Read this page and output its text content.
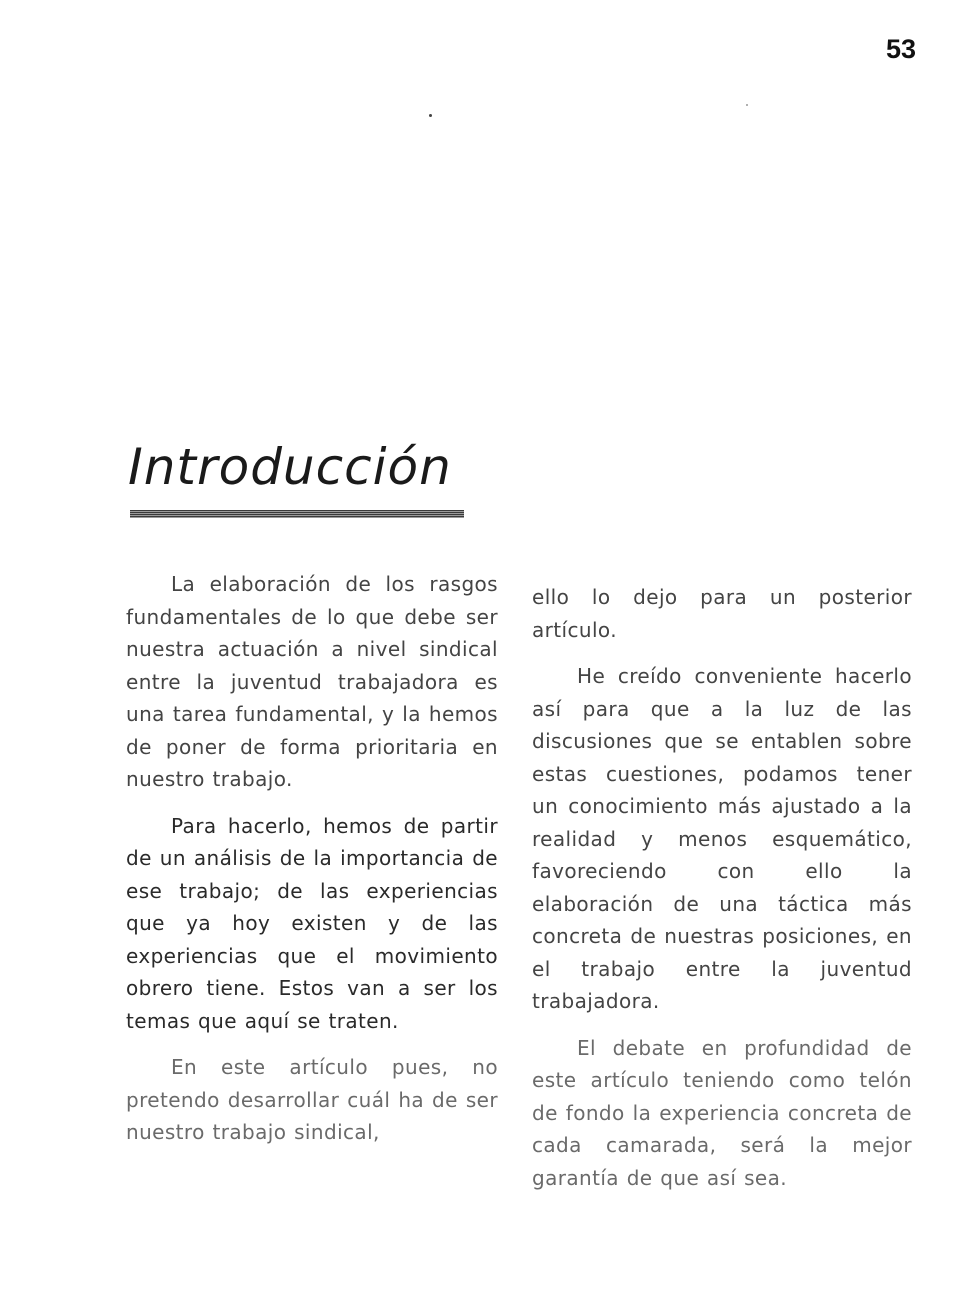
53
Introducción

La elaboración de los rasgos fundamentales de lo que debe ser nuestra actuación a nivel sindical entre la juventud trabajadora es una tarea fundamental, y la hemos de poner de forma prioritaria en nuestro trabajo.

Para hacerlo, hemos de partir de un análisis de la importancia de ese trabajo; de las experiencias que ya hoy existen y de las experiencias que el movimiento obrero tiene. Estos van a ser los temas que aquí se traten.

En este artículo pues, no pretendo desarrollar cuál ha de ser nuestro trabajo sindical,

ello lo dejo para un posterior artículo.

He creído conveniente hacerlo así para que a la luz de las discusiones que se entablen sobre estas cuestiones, podamos tener un conocimiento más ajustado a la realidad y menos esquemático, favoreciendo con ello la elaboración de una táctica más concreta de nuestras posiciones, en el trabajo entre la juventud trabajadora.

El debate en profundidad de este artículo teniendo como telón de fondo la experiencia concreta de cada camarada, será la mejor garantía de que así sea.
